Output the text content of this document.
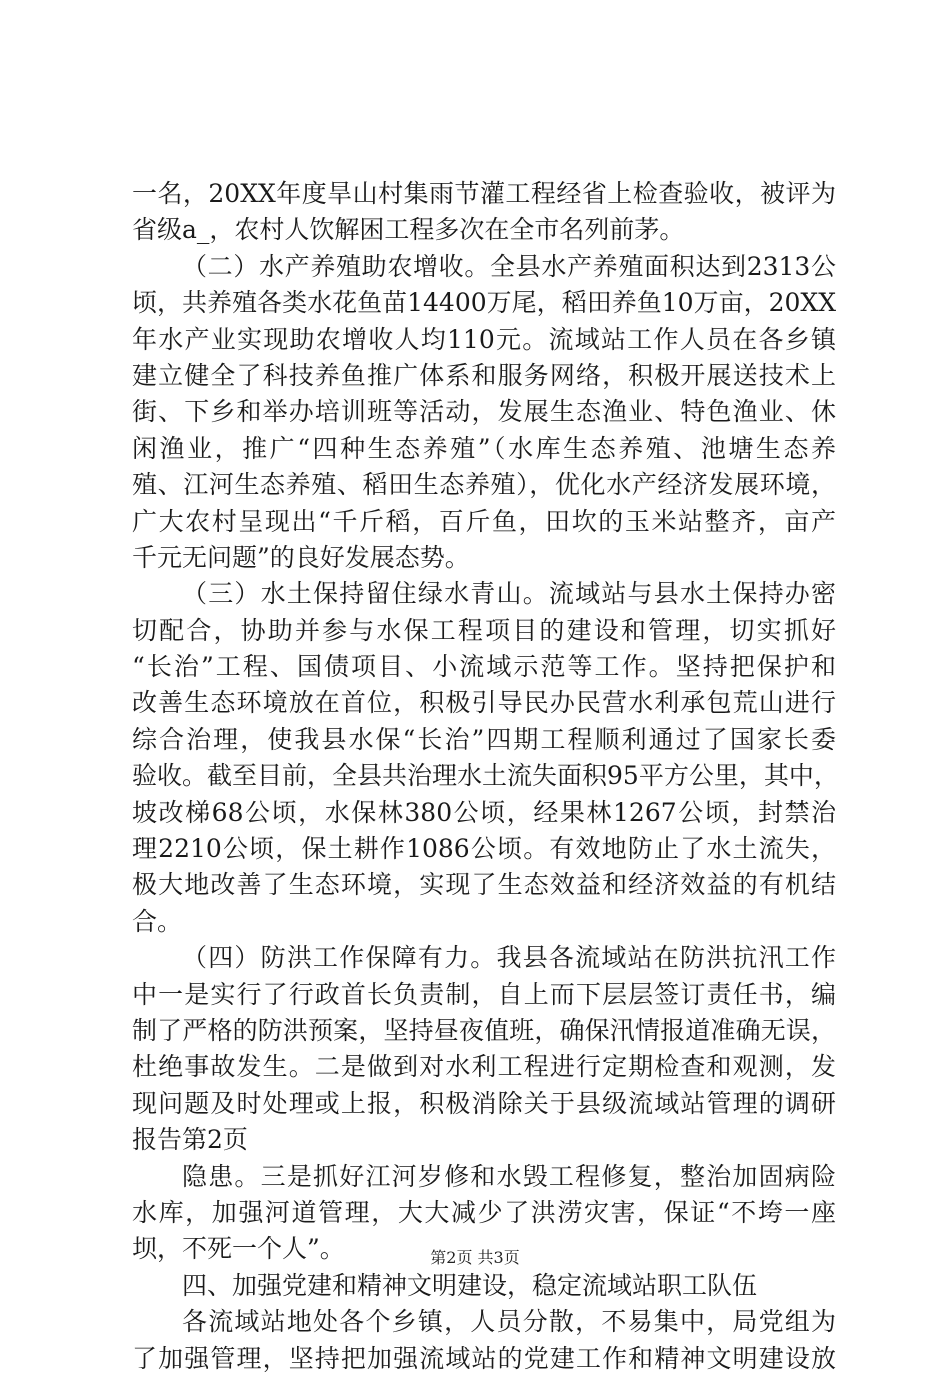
一名，20XX年度旱山村集雨节灌工程经省上检查验收，被评为
省级a_，农村人饮解困工程多次在全市名列前茅。
（二）水产养殖助农增收。全县水产养殖面积达到2313公
顷，共养殖各类水花鱼苗14400万尾，稻田养鱼10万亩，20XX
年水产业实现助农增收人均110元。流域站工作人员在各乡镇
建立健全了科技养鱼推广体系和服务网络，积极开展送技术上
街、下乡和举办培训班等活动，发展生态渔业、特色渔业、休
闲渔业，推广“四种生态养殖”（水库生态养殖、池塘生态养
殖、江河生态养殖、稻田生态养殖），优化水产经济发展环境，
广大农村呈现出“千斤稻，百斤鱼，田坎的玉米站整齐，亩产
千元无问题”的良好发展态势。
（三）水土保持留住绿水青山。流域站与县水土保持办密
切配合，协助并参与水保工程项目的建设和管理，切实抓好
“长治”工程、国债项目、小流域示范等工作。坚持把保护和
改善生态环境放在首位，积极引导民办民营水利承包荒山进行
综合治理，使我县水保“长治”四期工程顺利通过了国家长委
验收。截至目前，全县共治理水土流失面积95平方公里，其中，
坡改梯68公顷，水保林380公顷，经果林1267公顷，封禁治
理2210公顷，保土耕作1086公顷。有效地防止了水土流失，
极大地改善了生态环境，实现了生态效益和经济效益的有机结
合。
（四）防洪工作保障有力。我县各流域站在防洪抗汛工作
中一是实行了行政首长负责制，自上而下层层签订责任书，编
制了严格的防洪预案，坚持昼夜值班，确保汛情报道准确无误，
杜绝事故发生。二是做到对水利工程进行定期检查和观测，发
现问题及时处理或上报，积极消除关于县级流域站管理的调研
报告第2页
隐患。三是抓好江河岁修和水毁工程修复，整治加固病险
水库，加强河道管理，大大减少了洪涝灾害，保证“不垮一座
坝，不死一个人”。
四、加强党建和精神文明建设，稳定流域站职工队伍
各流域站地处各个乡镇，人员分散，不易集中，局党组为
了加强管理，坚持把加强流域站的党建工作和精神文明建设放
第2页 共3页
